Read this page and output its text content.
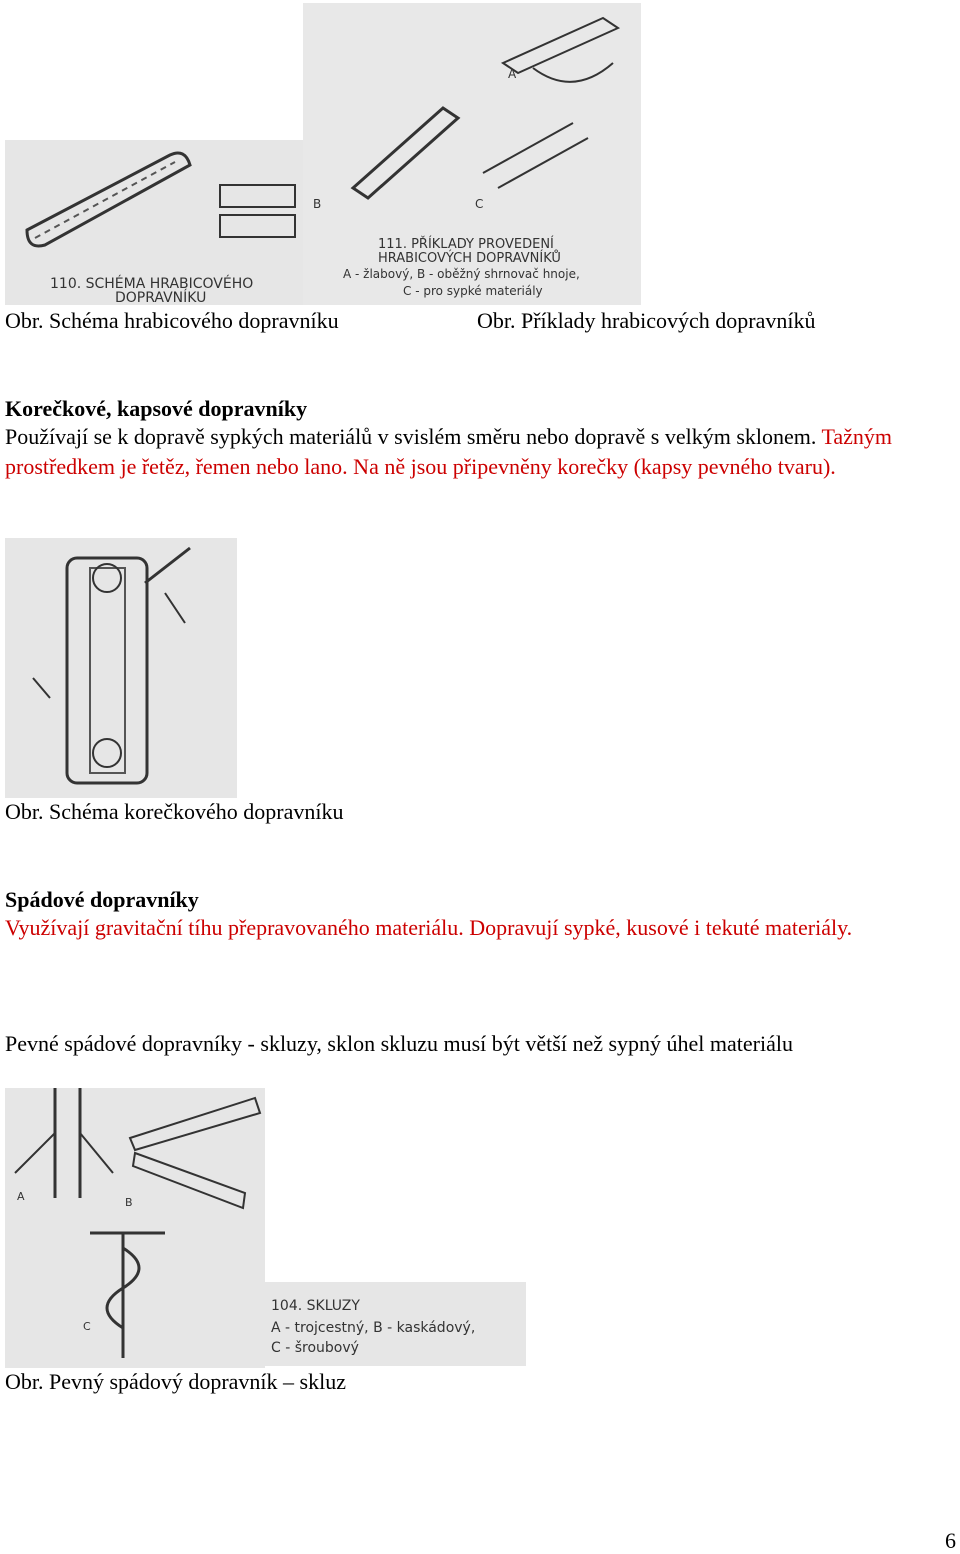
110. SCHÉMA HRABICOVÉHO
DOPRAVNÍKU
A
B	C
111. PŘÍKLADY PROVEDENÍ
HRABICOVÝCH DOPRAVNÍKŮ
A - žlabový, B - oběžný shrnovač hnoje,
C - pro sypké materiály
Obr. Schéma hrabicového dopravníku	Obr. Příklady hrabicových dopravníků
Korečkové, kapsové dopravníky
Používají se k dopravě sypkých materiálů v svislém směru nebo dopravě s velkým sklonem. Tažným prostředkem je řetěz, řemen nebo lano. Na ně jsou připevněny korečky (kapsy pevného tvaru).
Obr. Schéma korečkového dopravníku
Spádové dopravníky
Využívají gravitační tíhu přepravovaného materiálu. Dopravují sypké, kusové i tekuté materiály.
Pevné spádové dopravníky - skluzy, sklon skluzu musí být větší než sypný úhel materiálu
A	B
C
104. SKLUZY
A - trojcestný, B - kaskádový,
C - šroubový
Obr. Pevný spádový dopravník – skluz
6
